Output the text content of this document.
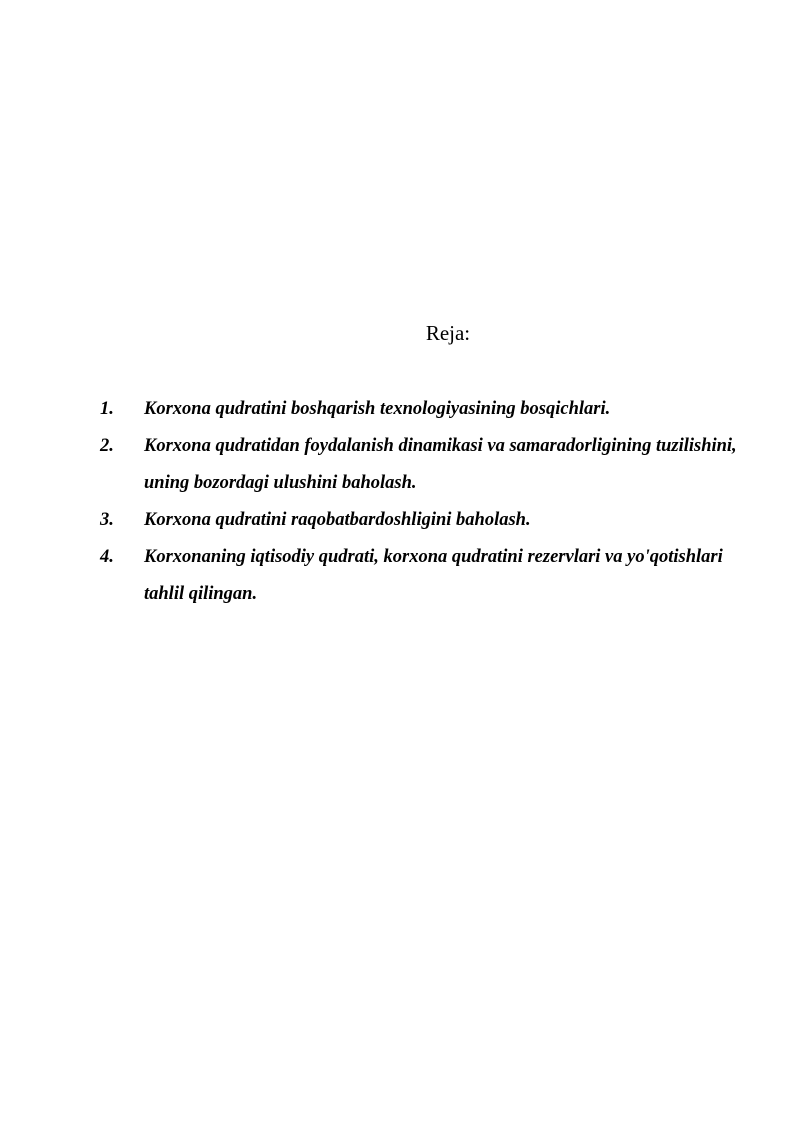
Reja:
1.	Korxona qudratini boshqarish texnologiyasining bosqichlari.
2.	Korxona qudratidan foydalanish dinamikasi va samaradorligining tuzilishini, uning bozordagi ulushini baholash.
3.	Korxona qudratini raqobatbardoshligini baholash.
4.	Korxonaning iqtisodiy qudrati, korxona qudratini rezervlari va yo'qotishlari tahlil qilingan.
